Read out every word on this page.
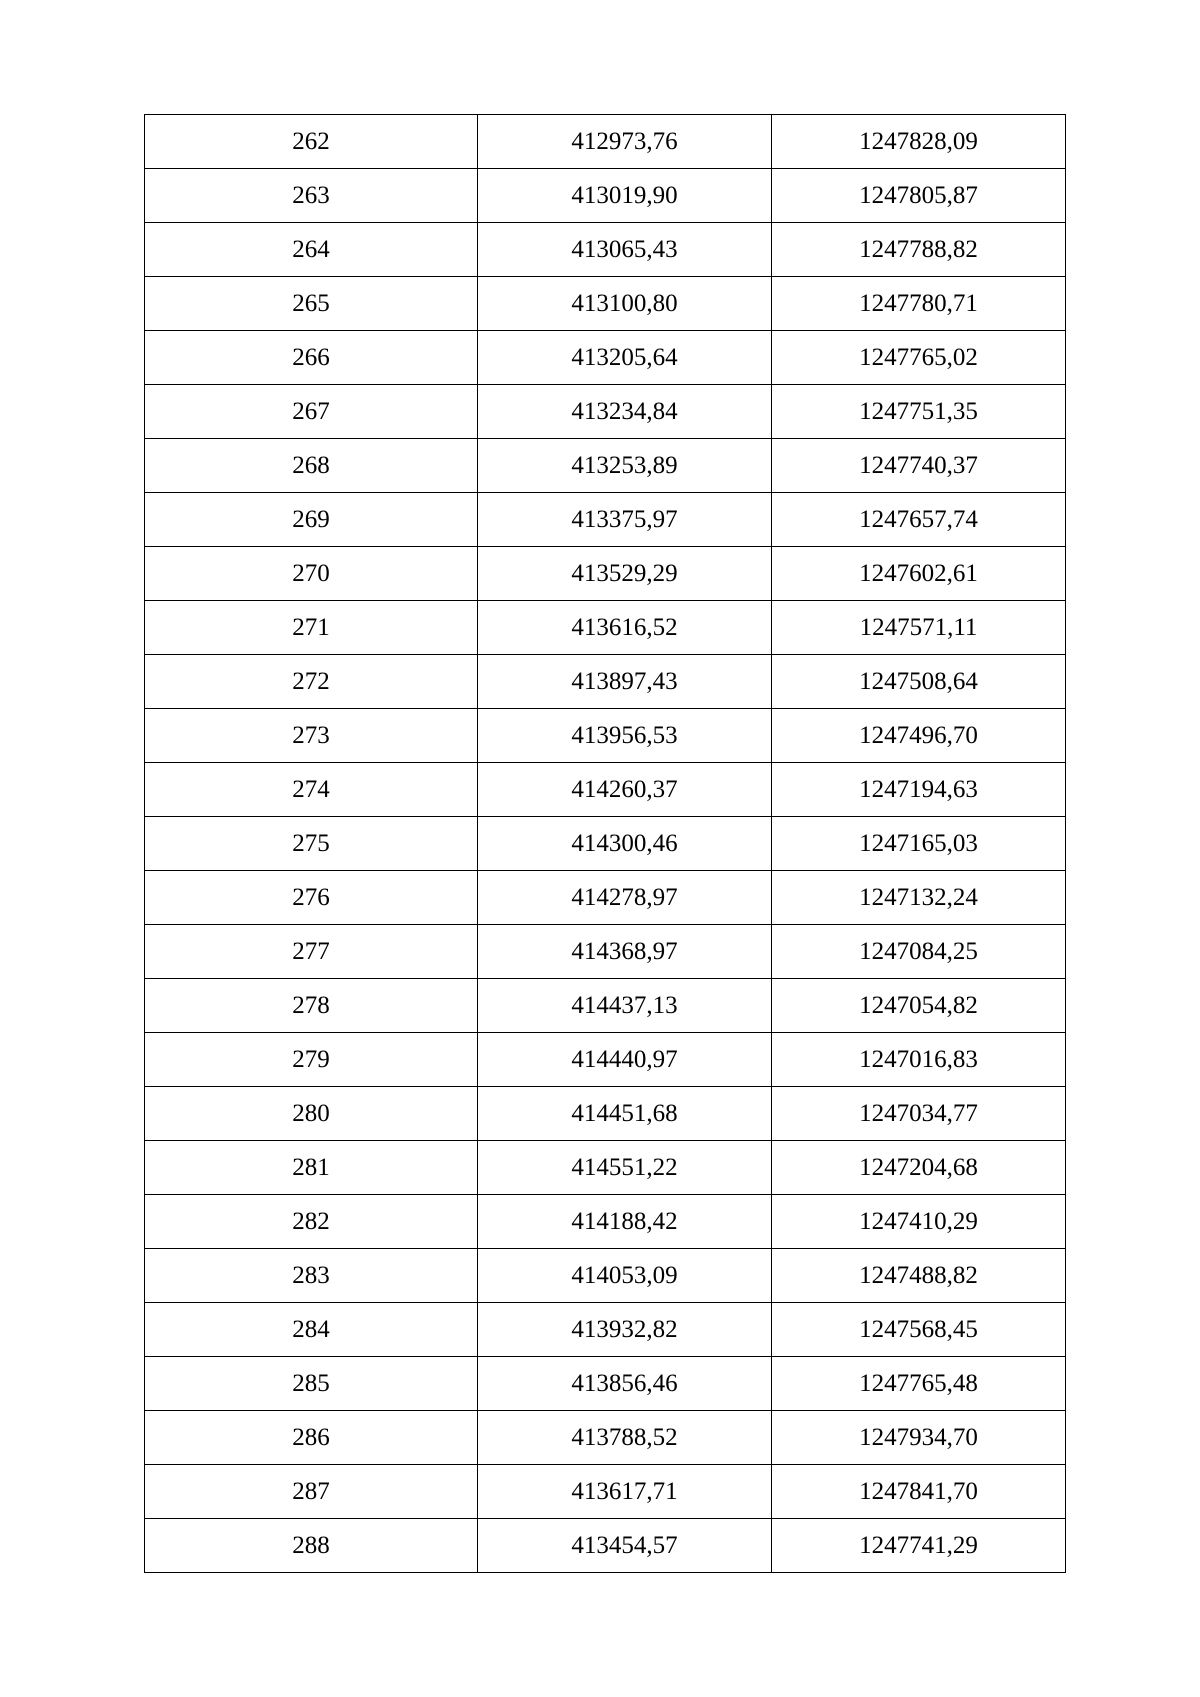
262	412973,76	1247828,09
263	413019,90	1247805,87
264	413065,43	1247788,82
265	413100,80	1247780,71
266	413205,64	1247765,02
267	413234,84	1247751,35
268	413253,89	1247740,37
269	413375,97	1247657,74
270	413529,29	1247602,61
271	413616,52	1247571,11
272	413897,43	1247508,64
273	413956,53	1247496,70
274	414260,37	1247194,63
275	414300,46	1247165,03
276	414278,97	1247132,24
277	414368,97	1247084,25
278	414437,13	1247054,82
279	414440,97	1247016,83
280	414451,68	1247034,77
281	414551,22	1247204,68
282	414188,42	1247410,29
283	414053,09	1247488,82
284	413932,82	1247568,45
285	413856,46	1247765,48
286	413788,52	1247934,70
287	413617,71	1247841,70
288	413454,57	1247741,29
